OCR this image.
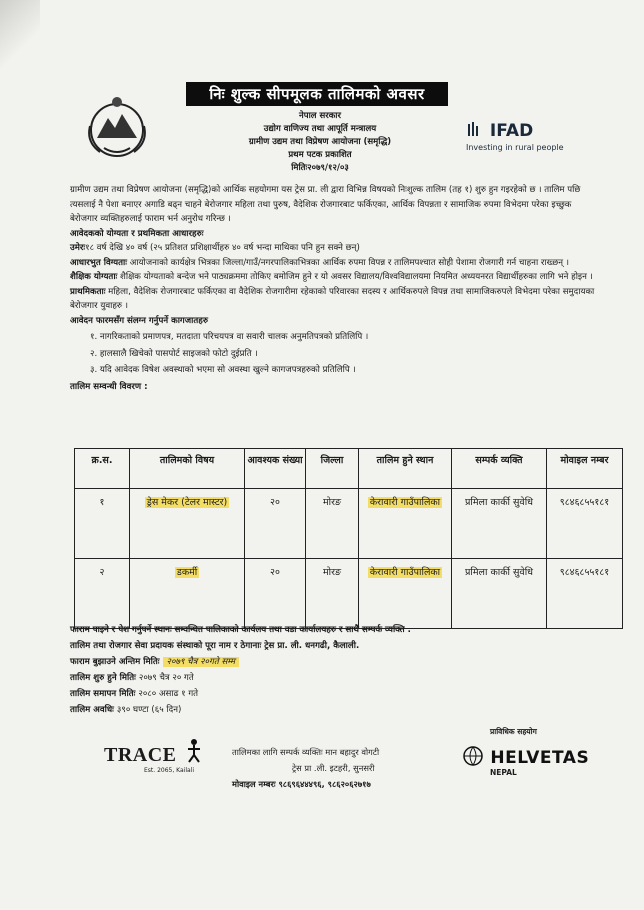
निः शुल्क सीपमूलक तालिमको अवसर
नेपाल सरकार
उद्योग वाणिज्य तथा आपूर्ति मन्त्रालय
ग्रामीण उद्यम तथा विप्रेषण आयोजना (समृद्धि)
प्रथम पटक प्रकाशित
मितिः२०७९/१२/०३
IFAD
Investing in rural people

ग्रामीण उद्यम तथा विप्रेषण आयोजना (समृद्धि)को आर्थिक सहयोगमा यस ट्रेस प्रा. ली द्वारा विभिन्न विषयको निःशुल्क तालिम (तह १) शुरु हुन गइरहेको छ । तालिम पछि त्यसलाई नै पेशा बनाएर अगाडि बढ्न चाहने बेरोजगार महिला तथा पुरुष, वैदेशिक रोजगारबाट फर्किएका, आर्थिक विपन्नता र सामाजिक रुपमा विभेदमा परेका इच्छुक बेरोजगार व्यक्तिहरुलाई फाराम भर्न अनुरोध गरिन्छ ।

आवेदकको योग्यता र प्रथमिकता आधारहरुः

उमेरः१८ वर्ष देखि ४० वर्ष (२५ प्रतिशत प्रशिक्षार्थीहरु ४० वर्ष भन्दा माथिका पनि हुन सक्ने छन्)

आधारभुत विग्यताः आयोजनाको कार्यक्षेत्र भित्रका जिल्ला/गाउँ/नगरपालिकाभित्रका आर्थिक रुपमा विपन्न र तालिमपश्चात सोही पेशामा रोजगारी गर्न चाहना राख्छन् ।

शैक्षिक योग्यताः शैक्षिक योग्यताको बन्देज भने पाठ्यक्रममा तोकिए बमोजिम हुने र यो अवसर विद्यालय/विश्वविद्यालयमा नियमित अध्ययनरत विद्यार्थीहरुका लागि भने होइन ।

प्राथमिकताः महिला, वैदेशिक रोजगारबाट फर्किएका वा वैदेशिक रोजगारीमा रहेकाको परिवारका सदस्य र आर्थिकरुपले विपन्न तथा सामाजिकरुपले विभेदमा परेका समुदायका बेरोजगार युवाहरु ।

आवेदन फारमसँग संलग्न गर्नुपर्ने कागजातहरु

१. नागरिकताको प्रमाणपत्र, मतदाता परिचयपत्र वा सवारी चालक अनुमतिपत्रको प्रतिलिपि ।
२. हालसालै खिचेको पासपोर्ट साइजको फोटो दुईप्रति ।
३. यदि आवेदक विषेश अवस्थाको भएमा सो अवस्था खुल्ने कागजपत्रहरुको प्रतिलिपि ।

तालिम सम्वन्धी विवरण :

क्र.स.	तालिमको विषय	आवश्यक संख्या	जिल्ला	तालिम हुने स्थान	सम्पर्क व्यक्ति	मोवाइल नम्बर
१	ड्रेस मेकर (टेलर मास्टर)	२०	मोरङ	केरावारी गाउँपालिका	प्रमिला कार्की सुवेधि	९८४६८५५१८१
२	डकर्मी	२०	मोरङ	केरावारी गाउँपालिका	प्रमिला कार्की सुवेधि	९८४६८५५१८१
फाराम पाइने र पेश गर्नुपर्ने स्थानः सम्वन्धित पालिकाको कार्यलय तथा वडा कार्यालयहरु र साथै सम्पर्क व्यक्ति .
तालिम तथा रोजगार सेवा प्रदायक संस्थाको पूरा नाम र ठेगानाः ट्रेस प्रा. ली. धनगढी, कैलाली.
फाराम बुझाउने अन्तिम मितिः २०७९ चैत्र २०गते सम्म
तालिम शुरु हुने मितिः २०७९ चैत्र २० गते
तालिम समापन मितिः २०८० असाढ १ गते
तालिम अवधिः ३९० घण्टा (६५ दिन)
TRACE
Est. 2065, Kailali
तालिमका लागि सम्पर्क व्यक्तिः मान बहादुर वोगटी
ट्रेस प्रा .ली. इटहरी, सुनसरी
मोवाइल नम्बरः ९८६९६४४४९६, ९८६२०६२७१७
प्राविधिक सहयोग
HELVETAS
NEPAL
